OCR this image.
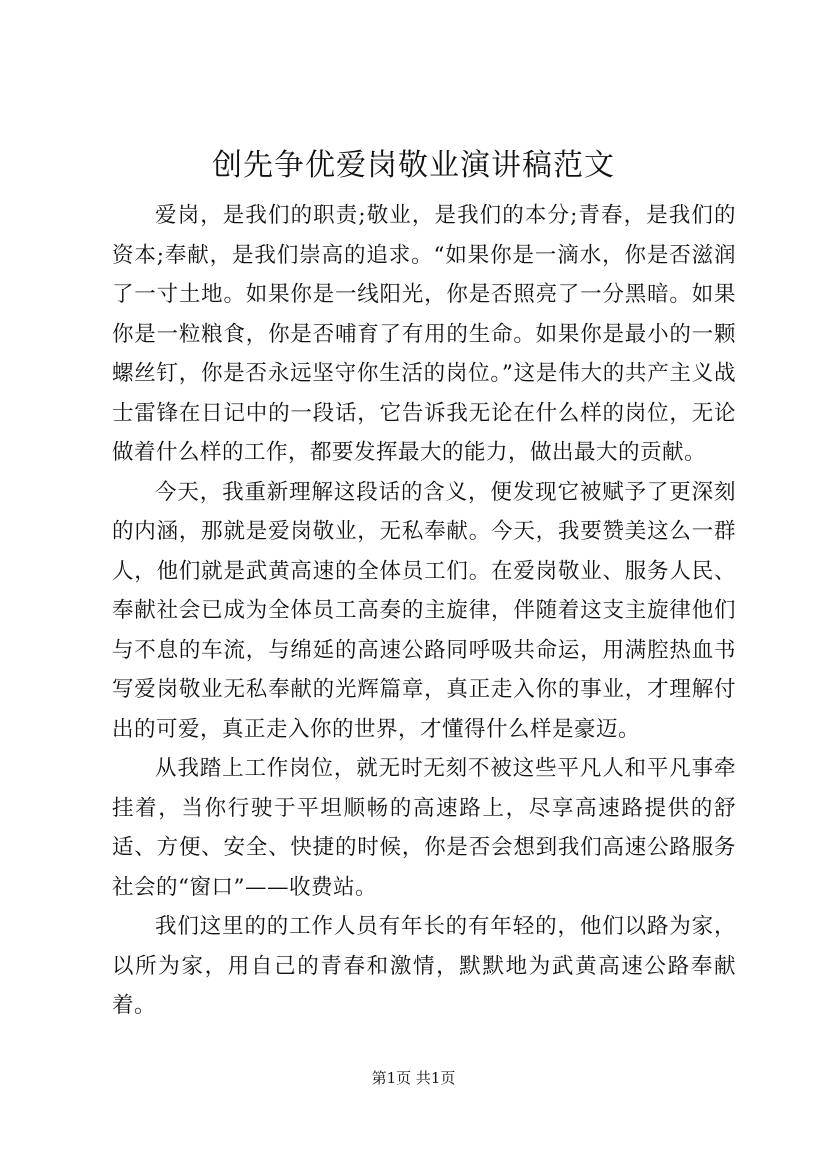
创先争优爱岗敬业演讲稿范文

爱岗，是我们的职责;敬业，是我们的本分;青春，是我们的资本;奉献，是我们崇高的追求。“如果你是一滴水，你是否滋润了一寸土地。如果你是一线阳光，你是否照亮了一分黑暗。如果你是一粒粮食，你是否哺育了有用的生命。如果你是最小的一颗螺丝钉，你是否永远坚守你生活的岗位。”这是伟大的共产主义战士雷锋在日记中的一段话，它告诉我无论在什么样的岗位，无论做着什么样的工作，都要发挥最大的能力，做出最大的贡献。

今天，我重新理解这段话的含义，便发现它被赋予了更深刻的内涵，那就是爱岗敬业，无私奉献。今天，我要赞美这么一群人，他们就是武黄高速的全体员工们。在爱岗敬业、服务人民、奉献社会已成为全体员工高奏的主旋律，伴随着这支主旋律他们与不息的车流，与绵延的高速公路同呼吸共命运，用满腔热血书写爱岗敬业无私奉献的光辉篇章，真正走入你的事业，才理解付出的可爱，真正走入你的世界，才懂得什么样是豪迈。

从我踏上工作岗位，就无时无刻不被这些平凡人和平凡事牵挂着，当你行驶于平坦顺畅的高速路上，尽享高速路提供的舒适、方便、安全、快捷的时候，你是否会想到我们高速公路服务社会的“窗口”——收费站。

我们这里的的工作人员有年长的有年轻的，他们以路为家，以所为家，用自己的青春和激情，默默地为武黄高速公路奉献着。

第1页 共1页
